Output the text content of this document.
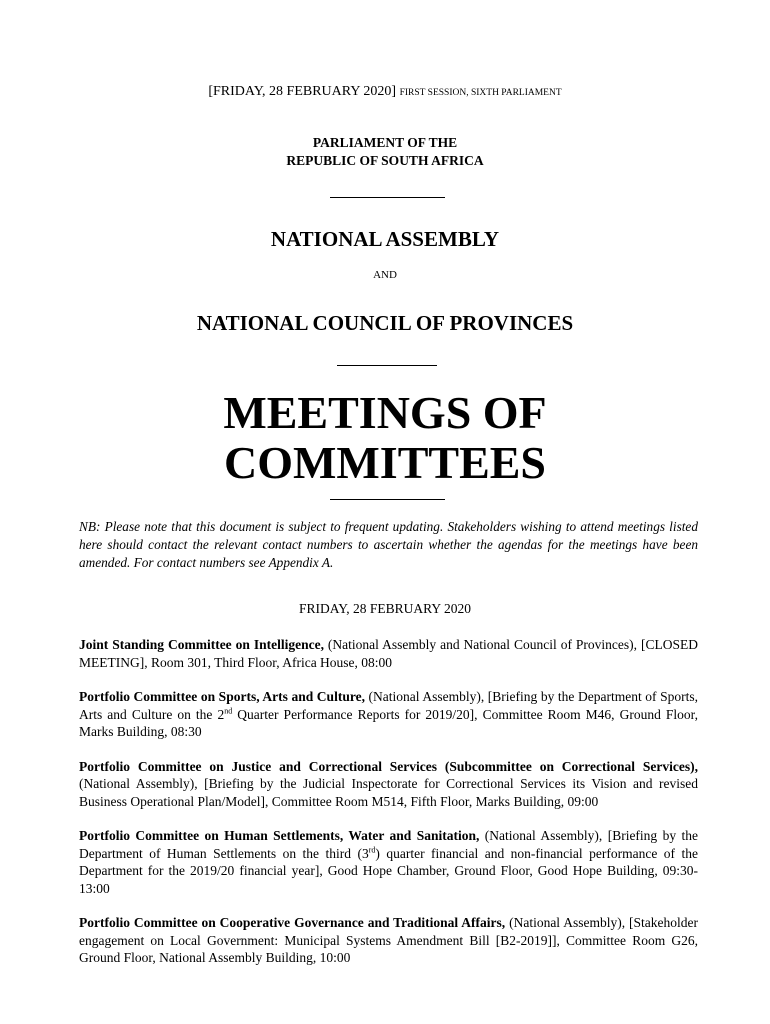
[FRIDAY, 28 FEBRUARY 2020] FIRST SESSION, SIXTH PARLIAMENT
PARLIAMENT OF THE
REPUBLIC OF SOUTH AFRICA
NATIONAL ASSEMBLY
AND
NATIONAL COUNCIL OF PROVINCES
MEETINGS OF
COMMITTEES
NB: Please note that this document is subject to frequent updating. Stakeholders wishing to attend meetings listed here should contact the relevant contact numbers to ascertain whether the agendas for the meetings have been amended. For contact numbers see Appendix A.
FRIDAY, 28 FEBRUARY 2020

Joint Standing Committee on Intelligence, (National Assembly and National Council of Provinces), [CLOSED MEETING], Room 301, Third Floor, Africa House, 08:00

Portfolio Committee on Sports, Arts and Culture, (National Assembly), [Briefing by the Department of Sports, Arts and Culture on the 2nd Quarter Performance Reports for 2019/20], Committee Room M46, Ground Floor, Marks Building, 08:30

Portfolio Committee on Justice and Correctional Services (Subcommittee on Correctional Services), (National Assembly), [Briefing by the Judicial Inspectorate for Correctional Services its Vision and revised Business Operational Plan/Model], Committee Room M514, Fifth Floor, Marks Building, 09:00

Portfolio Committee on Human Settlements, Water and Sanitation, (National Assembly), [Briefing by the Department of Human Settlements on the third (3rd) quarter financial and non-financial performance of the Department for the 2019/20 financial year], Good Hope Chamber, Ground Floor, Good Hope Building, 09:30-13:00

Portfolio Committee on Cooperative Governance and Traditional Affairs, (National Assembly), [Stakeholder engagement on Local Government: Municipal Systems Amendment Bill [B2-2019]], Committee Room G26, Ground Floor, National Assembly Building, 10:00
